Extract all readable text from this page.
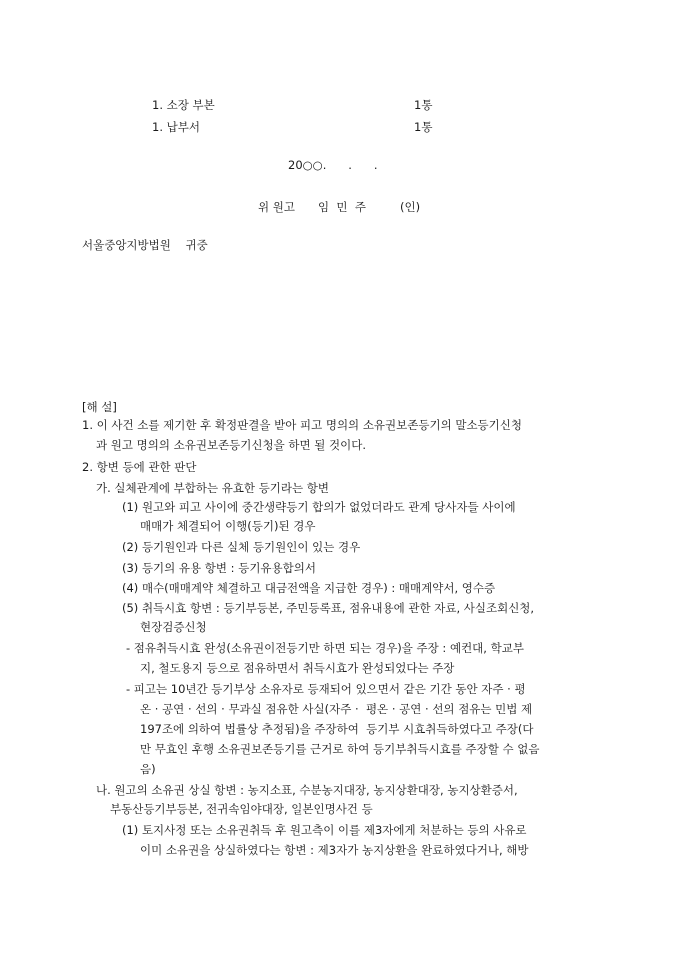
1. 소장 부본	1통
1. 납부서	1통
20○○.      .      .
위 원고 임  민  주	(인)
서울중앙지방법원    귀중
[해 설]
1. 이 사건 소를 제기한 후 확정판결을 받아 피고 명의의 소유권보존등기의 말소등기신청
과 원고 명의의 소유권보존등기신청을 하면 될 것이다.
2. 항변 등에 관한 판단
가. 실체관계에 부합하는 유효한 등기라는 항변
(1) 원고와 피고 사이에 중간생략등기 합의가 없었더라도 관계 당사자들 사이에
매매가 체결되어 이행(등기)된 경우
(2) 등기원인과 다른 실체 등기원인이 있는 경우
(3) 등기의 유용 항변 : 등기유용합의서
(4) 매수(매매계약 체결하고 대금전액을 지급한 경우) : 매매계약서, 영수증
(5) 취득시효 항변 : 등기부등본, 주민등록표, 점유내용에 관한 자료, 사실조회신청,
현장검증신청
- 점유취득시효 완성(소유권이전등기만 하면 되는 경우)을 주장 : 예컨대, 학교부
지, 철도용지 등으로 점유하면서 취득시효가 완성되었다는 주장
- 피고는 10년간 등기부상 소유자로 등재되어 있으면서 같은 기간 동안 자주 · 평
온 · 공연 · 선의 · 무과실 점유한 사실(자주 ·  평온 · 공연 · 선의 점유는 민법 제
197조에 의하여 법률상 추정됨)을 주장하여  등기부 시효취득하였다고 주장(다
만 무효인 후행 소유권보존등기를 근거로 하여 등기부취득시효를 주장할 수 없음
음)
나. 원고의 소유권 상실 항변 : 농지소표, 수분농지대장, 농지상환대장, 농지상환증서,
부동산등기부등본, 전귀속임야대장, 일본인명사건 등
(1) 토지사정 또는 소유권취득 후 원고측이 이를 제3자에게 처분하는 등의 사유로
이미 소유권을 상실하였다는 항변 : 제3자가 농지상환을 완료하였다거나, 해방
